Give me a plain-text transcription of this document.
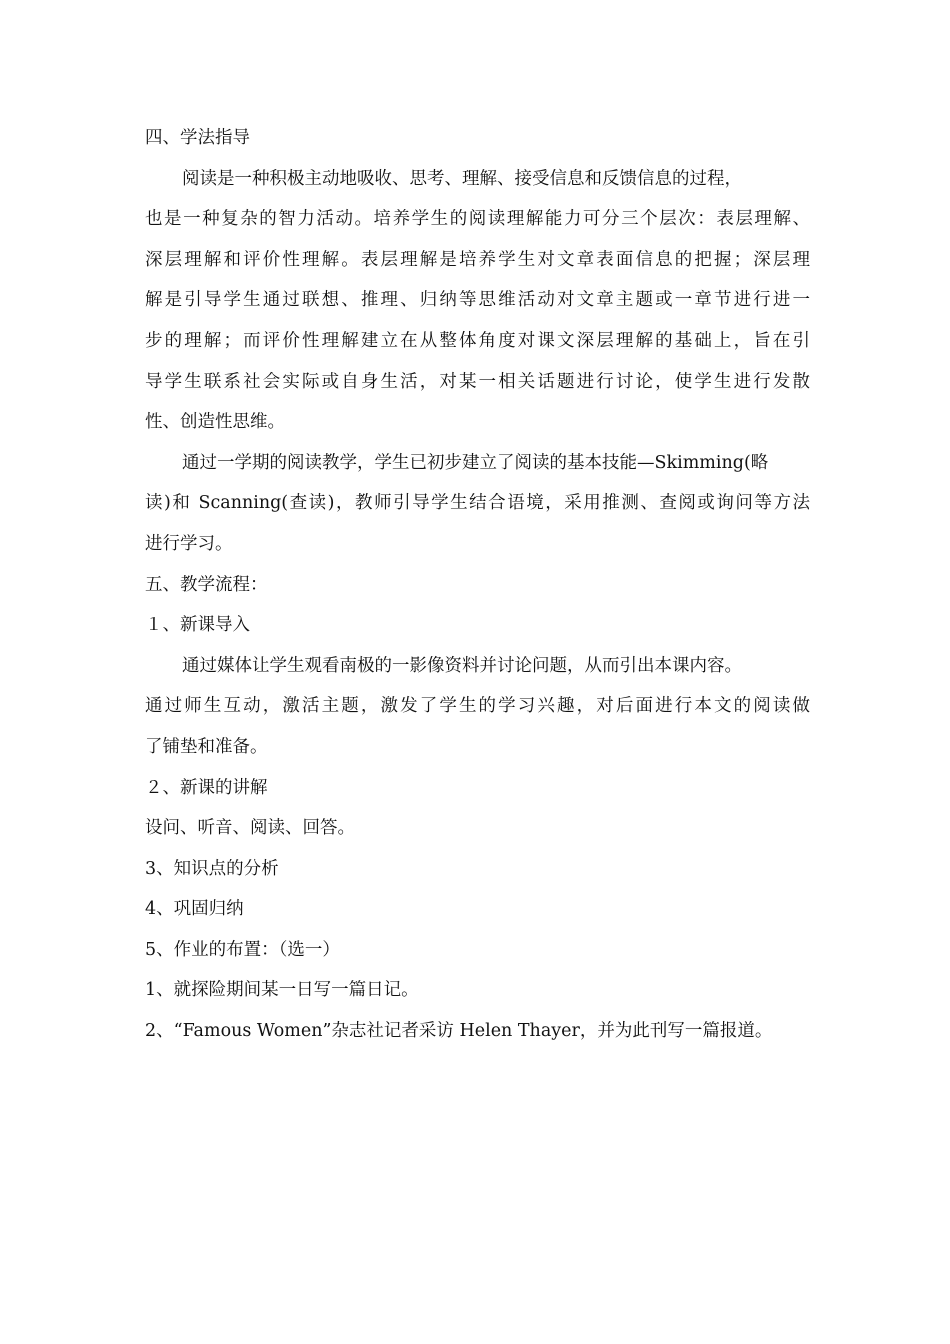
四、学法指导
阅读是一种积极主动地吸收、思考、理解、接受信息和反馈信息的过程，
也是一种复杂的智力活动。培养学生的阅读理解能力可分三个层次：表层理解、
深层理解和评价性理解。表层理解是培养学生对文章表面信息的把握；深层理
解是引导学生通过联想、推理、归纳等思维活动对文章主题或一章节进行进一
步的理解；而评价性理解建立在从整体角度对课文深层理解的基础上，旨在引
导学生联系社会实际或自身生活，对某一相关话题进行讨论，使学生进行发散
性、创造性思维。
通过一学期的阅读教学，学生已初步建立了阅读的基本技能—Skimming(略
读)和 Scanning(查读)，教师引导学生结合语境，采用推测、查阅或询问等方法
进行学习。
五、教学流程：
１、新课导入
通过媒体让学生观看南极的一影像资料并讨论问题，从而引出本课内容。
通过师生互动，激活主题，激发了学生的学习兴趣，对后面进行本文的阅读做
了铺垫和准备。
２、新课的讲解
设问、听音、阅读、回答。
3、知识点的分析
4、巩固归纳
5、作业的布置：（选一）
1、就探险期间某一日写一篇日记。
2、“Famous Women”杂志社记者采访 Helen Thayer，并为此刊写一篇报道。
